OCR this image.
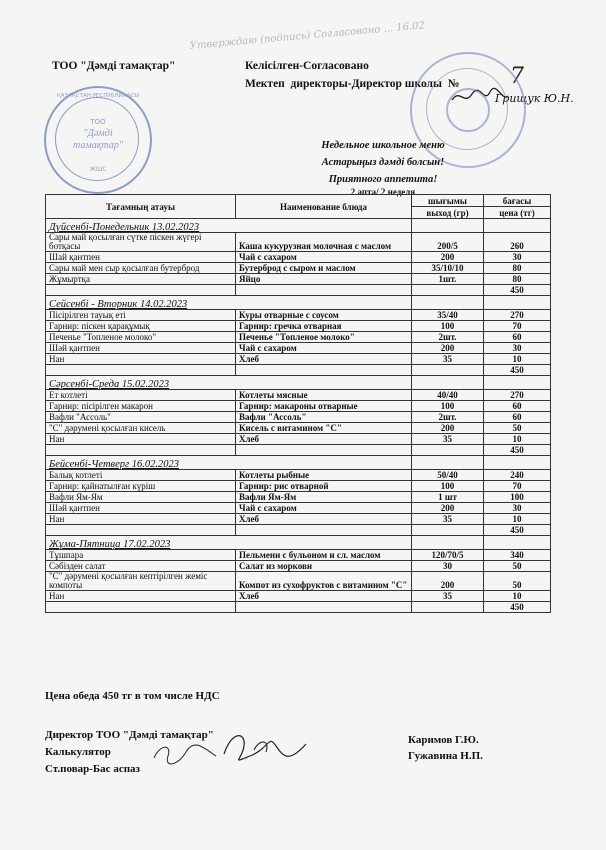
Утверждаю (подпись) Согласовано ... 16.02
ТОО "Дәмді тамақтар"	Келісілген-Согласовано
Мектеп  директоры-Директор школы  № 7
Грищук Ю.Н.
ҚАЗАҚСТАН РЕСПУБЛИКАСЫ
ТОО
"Дәмді
тамақтар"
ЖШС
Недельное школьное меню
Астарыңыз дәмді болсын!
Приятного аппетита!
2 апта/ 2 неделя
Тағамның атауы	Наименование блюда	шығымы	бағасы
		выход (гр)	цена (тг)
Дүйсенбі-Понедельник 13.02.2023			
Сары май қосылған сүтке піскен жүгері ботқасы	Каша кукурузная молочная с маслом	200/5	260
Шай қантпен	Чай с сахаром	200	30
Сары май мен сыр қосылған бутерброд	Бутерброд с сыром и маслом	35/10/10	80
Жұмыртқа	Яйцо	1шт.	80
			450
Сейсенбі - Вторник 14.02.2023			
Пісірілген тауық еті	Куры отварные с соусом	35/40	270
Гарнир: піскен қарақұмық	Гарнир: гречка отварная	100	70
Печенье "Топленое молоко"	Печенье "Топленое молоко"	2шт.	60
Шәй қантпен	Чай с сахаром	200	30
Нан	Хлеб	35	10
			450
Сәрсенбі-Среда 15.02.2023			
Ет котлеті	Котлеты мясные	40/40	270
Гарнир: пісірілген макарон	Гарнир: макароны отварные	100	60
Вафли "Ассоль"	Вафли "Ассоль"	2шт.	60
"С" дәрумені қосылған кисель	Кисель с витамином "С"	200	50
Нан	Хлеб	35	10
			450
Бейсенбі-Четверг 16.02.2023			
Балық котлеті	Котлеты рыбные	50/40	240
Гарнир: қайнатылған күріш	Гарнир: рис отварной	100	70
Вафли Ям-Ям	Вафли Ям-Ям	1 шт	100
Шәй қантпен	Чай с сахаром	200	30
Нан	Хлеб	35	10
			450
Жұма-Пятница 17.02.2023			
Тұшпара	Пельмени с бульоном и сл. маслом	120/70/5	340
Сәбізден салат	Салат из моркови	30	50
"С" дәрумені қосылған кептірілген жеміс компоты	Компот из сухофруктов с витамином "С"	200	50
Нан	Хлеб	35	10
			450
Цена обеда 450 тг в том числе НДС
Директор ТОО "Дәмді тамақтар"	Каримов Г.Ю.
Калькулятор	Гужавина Н.П.
Ст.повар-Бас аспаз
